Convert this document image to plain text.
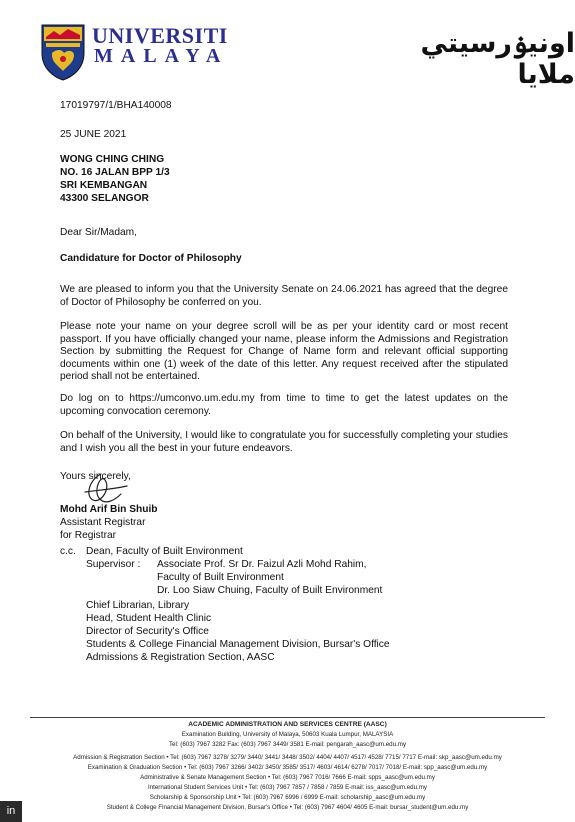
UNIVERSITI
MALAYA	اونيۏرسيتي ملايا
17019797/1/BHA140008
25 JUNE 2021
WONG CHING CHING
NO. 16 JALAN BPP 1/3
SRI KEMBANGAN
43300 SELANGOR
Dear Sir/Madam,
Candidature for Doctor of Philosophy
We are pleased to inform you that the University Senate on 24.06.2021 has agreed that the degree of Doctor of Philosophy be conferred on you.
Please note your name on your degree scroll will be as per your identity card or most recent passport. If you have officially changed your name, please inform the Admissions and Registration Section by submitting the Request for Change of Name form and relevant official supporting documents within one (1) week of the date of this letter. Any request received after the stipulated period shall not be entertained.
Do log on to https://umconvo.um.edu.my from time to time to get the latest updates on the upcoming convocation ceremony.
On behalf of the University, I would like to congratulate you for successfully completing your studies and I wish you all the best in your future endeavors.
Yours sincerely,
Mohd Arif Bin Shuib
Assistant Registrar
for Registrar
c.c. Dean, Faculty of Built Environment
Supervisor : Associate Prof. Sr Dr. Faizul Azli Mohd Rahim,
Faculty of Built Environment
Dr. Loo Siaw Chuing, Faculty of Built Environment
Chief Librarian, Library
Head, Student Health Clinic
Director of Security's Office
Students & College Financial Management Division, Bursar's Office
Admissions & Registration Section, AASC
ACADEMIC ADMINISTRATION AND SERVICES CENTRE (AASC)
Examination Building, University of Malaya, 50603 Kuala Lumpur, MALAYSIA
Tel: (603) 7967 3282 Fax: (603) 7967 3449/ 3581 E-mail: pengarah_aasc@um.edu.my
Admission & Registration Section • Tel: (603) 7967 3278/ 3279/ 3440/ 3441/ 3448/ 3502/ 4404/ 4407/ 4517/ 4528/ 7715/ 7717 E-mail: skp_aasc@um.edu.my
Examination & Graduation Section • Tel: (603) 7967 3266/ 3402/ 3450/ 3585/ 3517/ 4603/ 4614/ 6278/ 7017/ 7018/ E-mail: spp_aasc@um.edu.my
Administrative & Senate Management Section • Tel: (603) 7967 7016/ 7666 E-mail: spps_aasc@um.edu.my
International Student Services Unit • Tel: (603) 7967 7857 / 7858 / 7859 E-mail: iss_aasc@um.edu.my
Scholarship & Sponsorship Unit • Tel: (603) 7967 6996 / 6999 E-mail: scholarship_aasc@um.edu.my
Student & College Financial Management Division, Bursar's Office • Tel: (603) 7967 4604/ 4605 E-mail: bursar_student@um.edu.my
in
